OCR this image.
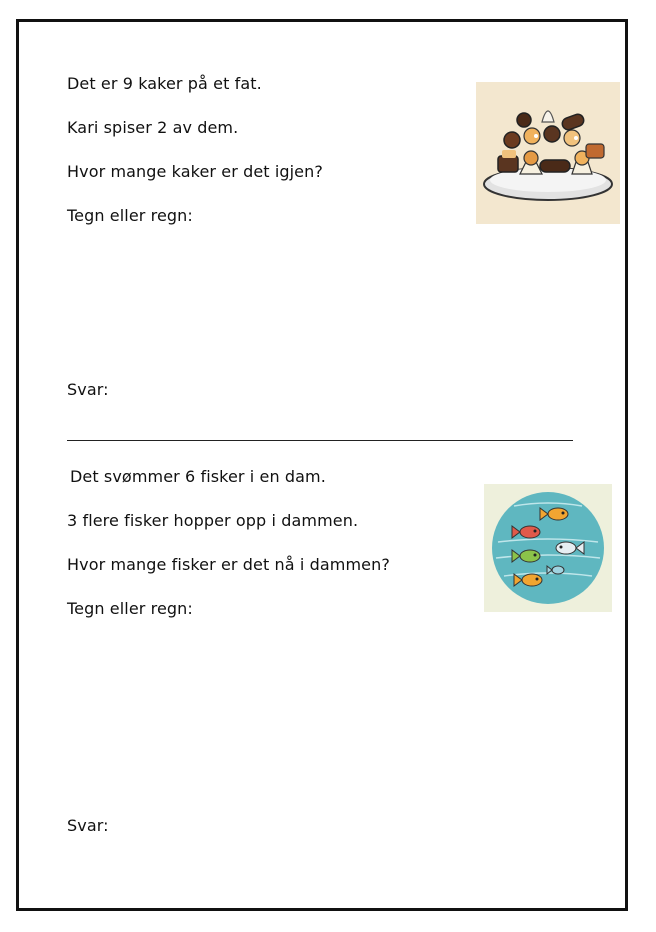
Det er 9 kaker på et fat.
Kari spiser 2 av dem.
Hvor mange kaker er det igjen?
Tegn eller regn:
Svar:
Det svømmer 6 fisker i en dam.
3 flere fisker hopper opp i dammen.
Hvor mange fisker er det nå i dammen?
Tegn eller regn:
Svar:
